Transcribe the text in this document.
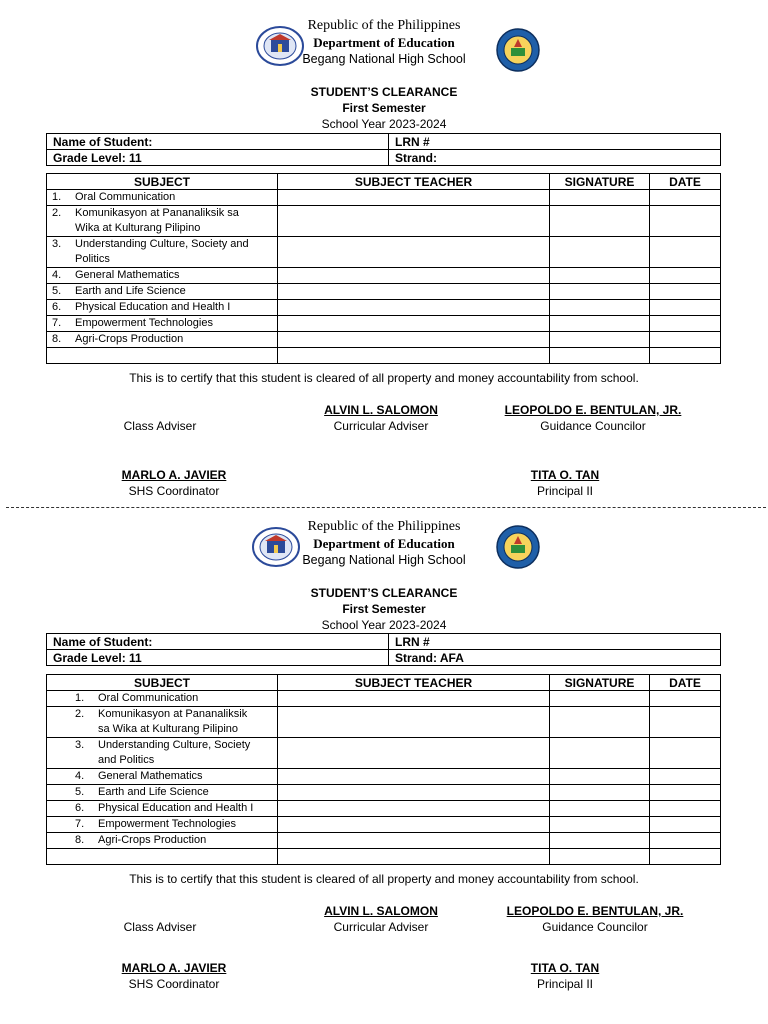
Republic of the Philippines
Department of Education
Begang National High School
STUDENT’S CLEARANCE
First Semester
School Year 2023-2024
Name of Student:	LRN #
Grade Level: 11	Strand:
SUBJECT	SUBJECT TEACHER	SIGNATURE	DATE
1. Oral Communication			
2. Komunikasyon at Pananaliksik sa Wika at Kulturang Pilipino			
3. Understanding Culture, Society and Politics			
4. General Mathematics			
5. Earth and Life Science			
6. Physical Education and Health I			
7. Empowerment Technologies			
8. Agri-Crops Production			

This is to certify that this student is cleared of all property and money accountability from school.
Class Adviser
ALVIN L. SALOMON
Curricular Adviser
LEOPOLDO E. BENTULAN, JR.
Guidance Councilor
MARLO A. JAVIER
SHS Coordinator
TITA O. TAN
Principal II
Republic of the Philippines
Department of Education
Begang National High School
STUDENT’S CLEARANCE
First Semester
School Year 2023-2024
Name of Student:	LRN #
Grade Level: 11	Strand: AFA
SUBJECT	SUBJECT TEACHER	SIGNATURE	DATE
1. Oral Communication			
2. Komunikasyon at Pananaliksik sa Wika at Kulturang Pilipino			
3. Understanding Culture, Society and Politics			
4. General Mathematics			
5. Earth and Life Science			
6. Physical Education and Health I			
7. Empowerment Technologies			
8. Agri-Crops Production			

This is to certify that this student is cleared of all property and money accountability from school.
Class Adviser
ALVIN L. SALOMON
Curricular Adviser
LEOPOLDO E. BENTULAN, JR.
Guidance Councilor
MARLO A. JAVIER
SHS Coordinator
TITA O. TAN
Principal II
